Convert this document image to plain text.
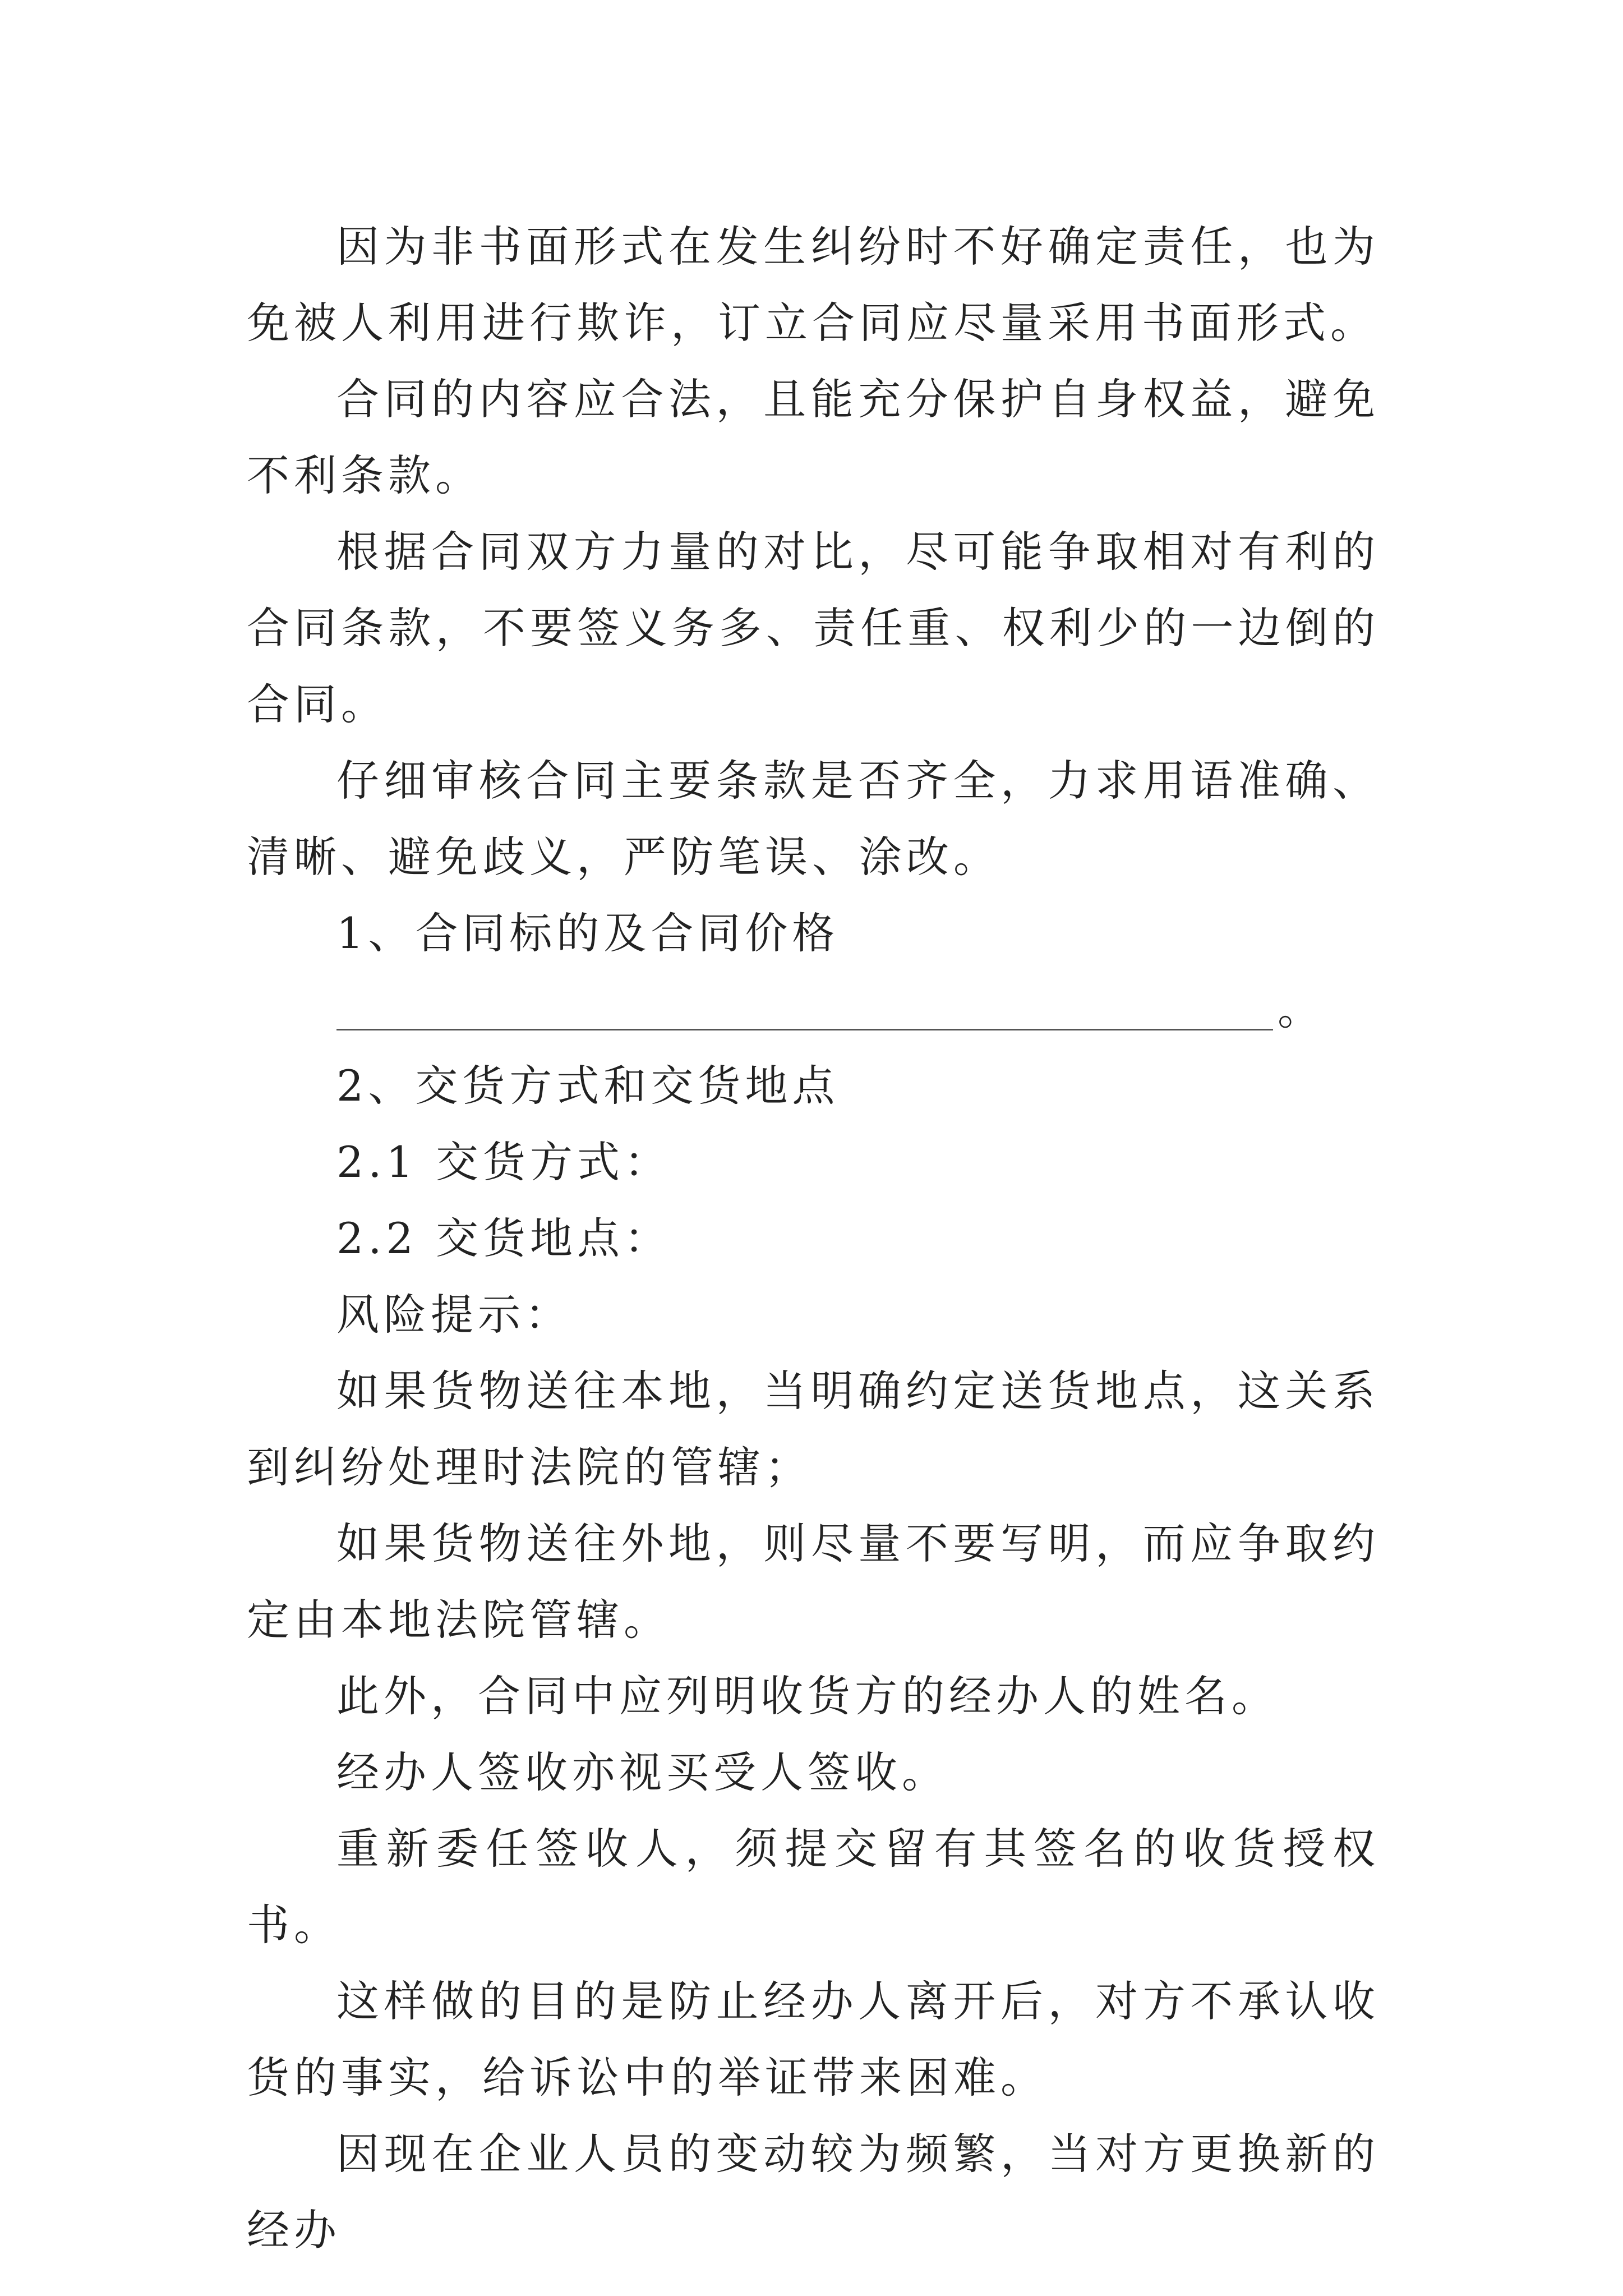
因为非书面形式在发生纠纷时不好确定责任，也为免被人利用进行欺诈，订立合同应尽量采用书面形式。

合同的内容应合法，且能充分保护自身权益，避免不利条款。

根据合同双方力量的对比，尽可能争取相对有利的合同条款，不要签义务多、责任重、权利少的一边倒的合同。

仔细审核合同主要条款是否齐全，力求用语准确、清晰、避免歧义，严防笔误、涂改。

1、合同标的及合同价格

。

2、交货方式和交货地点

2.1 交货方式：

2.2 交货地点：

风险提示：

如果货物送往本地，当明确约定送货地点，这关系到纠纷处理时法院的管辖；

如果货物送往外地，则尽量不要写明，而应争取约定由本地法院管辖。

此外，合同中应列明收货方的经办人的姓名。

经办人签收亦视买受人签收。

重新委任签收人，须提交留有其签名的收货授权书。

这样做的目的是防止经办人离开后，对方不承认收货的事实，给诉讼中的举证带来困难。

因现在企业人员的变动较为频繁，当对方更换新的经办
